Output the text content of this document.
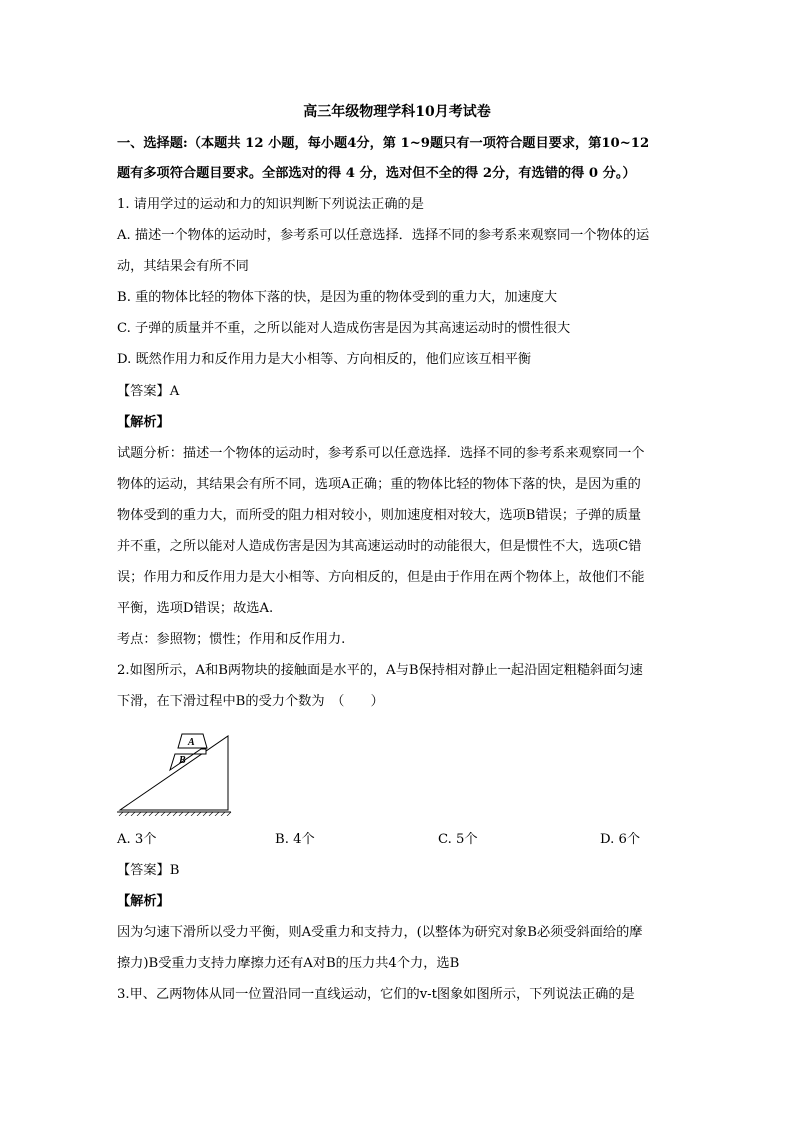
高三年级物理学科10月考试卷
一、选择题:（本题共 12 小题，每小题4分，第 1~9题只有一项符合题目要求，第10~12
题有多项符合题目要求。全部选对的得 4 分，选对但不全的得 2分，有选错的得 0 分。）
1. 请用学过的运动和力的知识判断下列说法正确的是
A. 描述一个物体的运动时，参考系可以任意选择．选择不同的参考系来观察同一个物体的运
动，其结果会有所不同
B. 重的物体比轻的物体下落的快，是因为重的物体受到的重力大，加速度大
C. 子弹的质量并不重，之所以能对人造成伤害是因为其高速运动时的惯性很大
D. 既然作用力和反作用力是大小相等、方向相反的，他们应该互相平衡
【答案】A
【解析】
试题分析：描述一个物体的运动时，参考系可以任意选择．选择不同的参考系来观察同一个
物体的运动，其结果会有所不同，选项A正确；重的物体比轻的物体下落的快，是因为重的
物体受到的重力大，而所受的阻力相对较小，则加速度相对较大，选项B错误；子弹的质量
并不重，之所以能对人造成伤害是因为其高速运动时的动能很大，但是惯性不大，选项C错
误；作用力和反作用力是大小相等、方向相反的，但是由于作用在两个物体上，故他们不能
平衡，选项D错误；故选A.
考点：参照物；惯性；作用和反作用力.
2.如图所示，A和B两物块的接触面是水平的，A与B保持相对静止一起沿固定粗糙斜面匀速
下滑，在下滑过程中B的受力个数为　（　　）
A
B
A. 3个	B. 4个	C. 5个	D. 6个
【答案】B
【解析】
因为匀速下滑所以受力平衡，则A受重力和支持力，(以整体为研究对象B必须受斜面给的摩
擦力)B受重力支持力摩擦力还有A对B的压力共4个力，选B
3.甲、乙两物体从同一位置沿同一直线运动，它们的v-t图象如图所示，下列说法正确的是
